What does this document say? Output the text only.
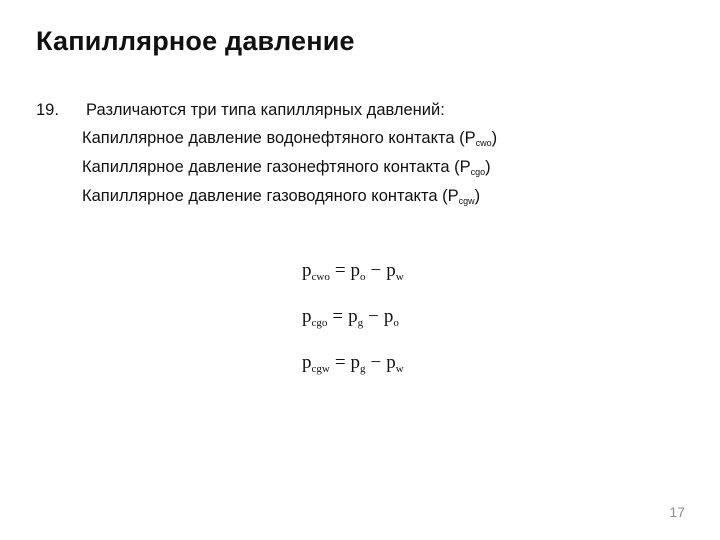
Капиллярное давление
19. Различаются три типа капиллярных давлений:
Капиллярное давление водонефтяного контакта $(P_{cwo})$
Капиллярное давление газонефтяного контакта $(P_{cgo})$
Капиллярное давление газоводяного контакта $(P_{cgw})$
$p_{cwo} = p_o - p_w$
$p_{cgo} = p_g - p_o$
$p_{cgw} = p_g - p_w$
17
